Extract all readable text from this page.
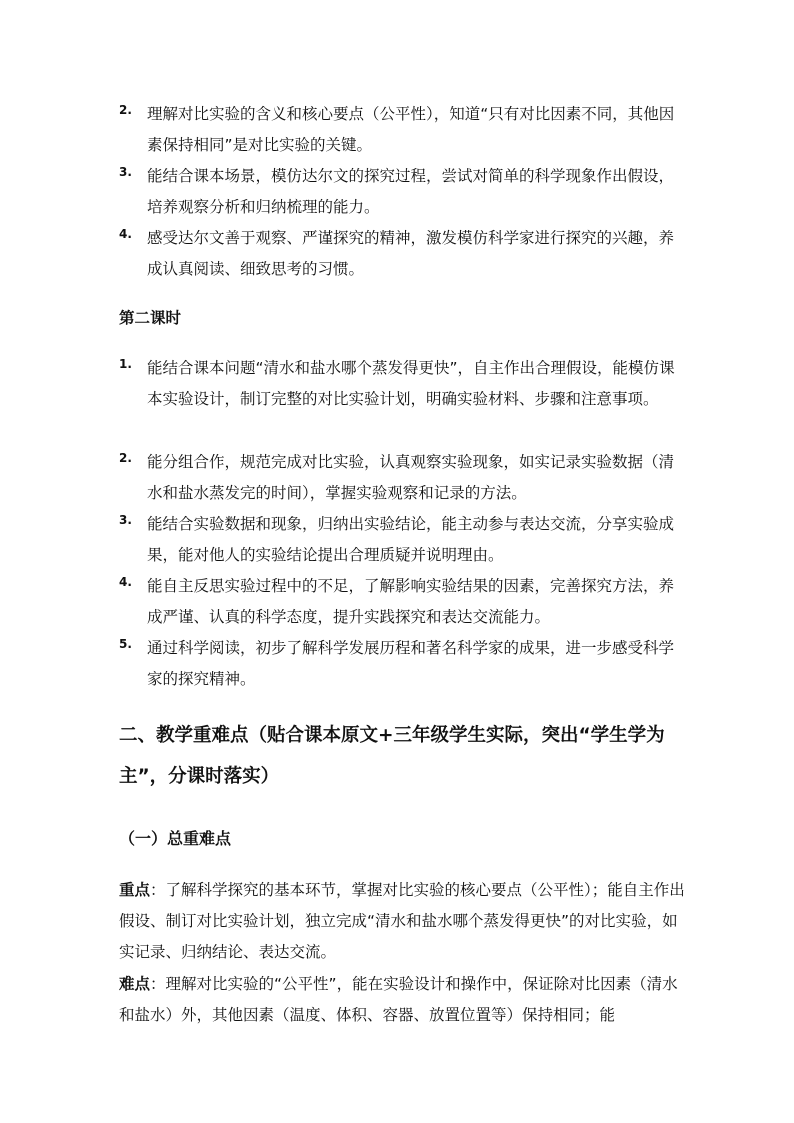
2. 理解对比实验的含义和核心要点（公平性），知道“只有对比因素不同，其他因素保持相同”是对比实验的关键。
3. 能结合课本场景，模仿达尔文的探究过程，尝试对简单的科学现象作出假设，培养观察分析和归纳梳理的能力。
4. 感受达尔文善于观察、严谨探究的精神，激发模仿科学家进行探究的兴趣，养成认真阅读、细致思考的习惯。
第二课时
1. 能结合课本问题“清水和盐水哪个蒸发得更快”，自主作出合理假设，能模仿课本实验设计，制订完整的对比实验计划，明确实验材料、步骤和注意事项。
2. 能分组合作，规范完成对比实验，认真观察实验现象，如实记录实验数据（清水和盐水蒸发完的时间），掌握实验观察和记录的方法。
3. 能结合实验数据和现象，归纳出实验结论，能主动参与表达交流，分享实验成果，能对他人的实验结论提出合理质疑并说明理由。
4. 能自主反思实验过程中的不足，了解影响实验结果的因素，完善探究方法，养成严谨、认真的科学态度，提升实践探究和表达交流能力。
5. 通过科学阅读，初步了解科学发展历程和著名科学家的成果，进一步感受科学家的探究精神。
二、教学重难点（贴合课本原文+三年级学生实际，突出“学生学为主”，分课时落实）
（一）总重难点
重点：了解科学探究的基本环节，掌握对比实验的核心要点（公平性）；能自主作出假设、制订对比实验计划，独立完成“清水和盐水哪个蒸发得更快”的对比实验，如实记录、归纳结论、表达交流。
难点：理解对比实验的“公平性”，能在实验设计和操作中，保证除对比因素（清水和盐水）外，其他因素（温度、体积、容器、放置位置等）保持相同；能
